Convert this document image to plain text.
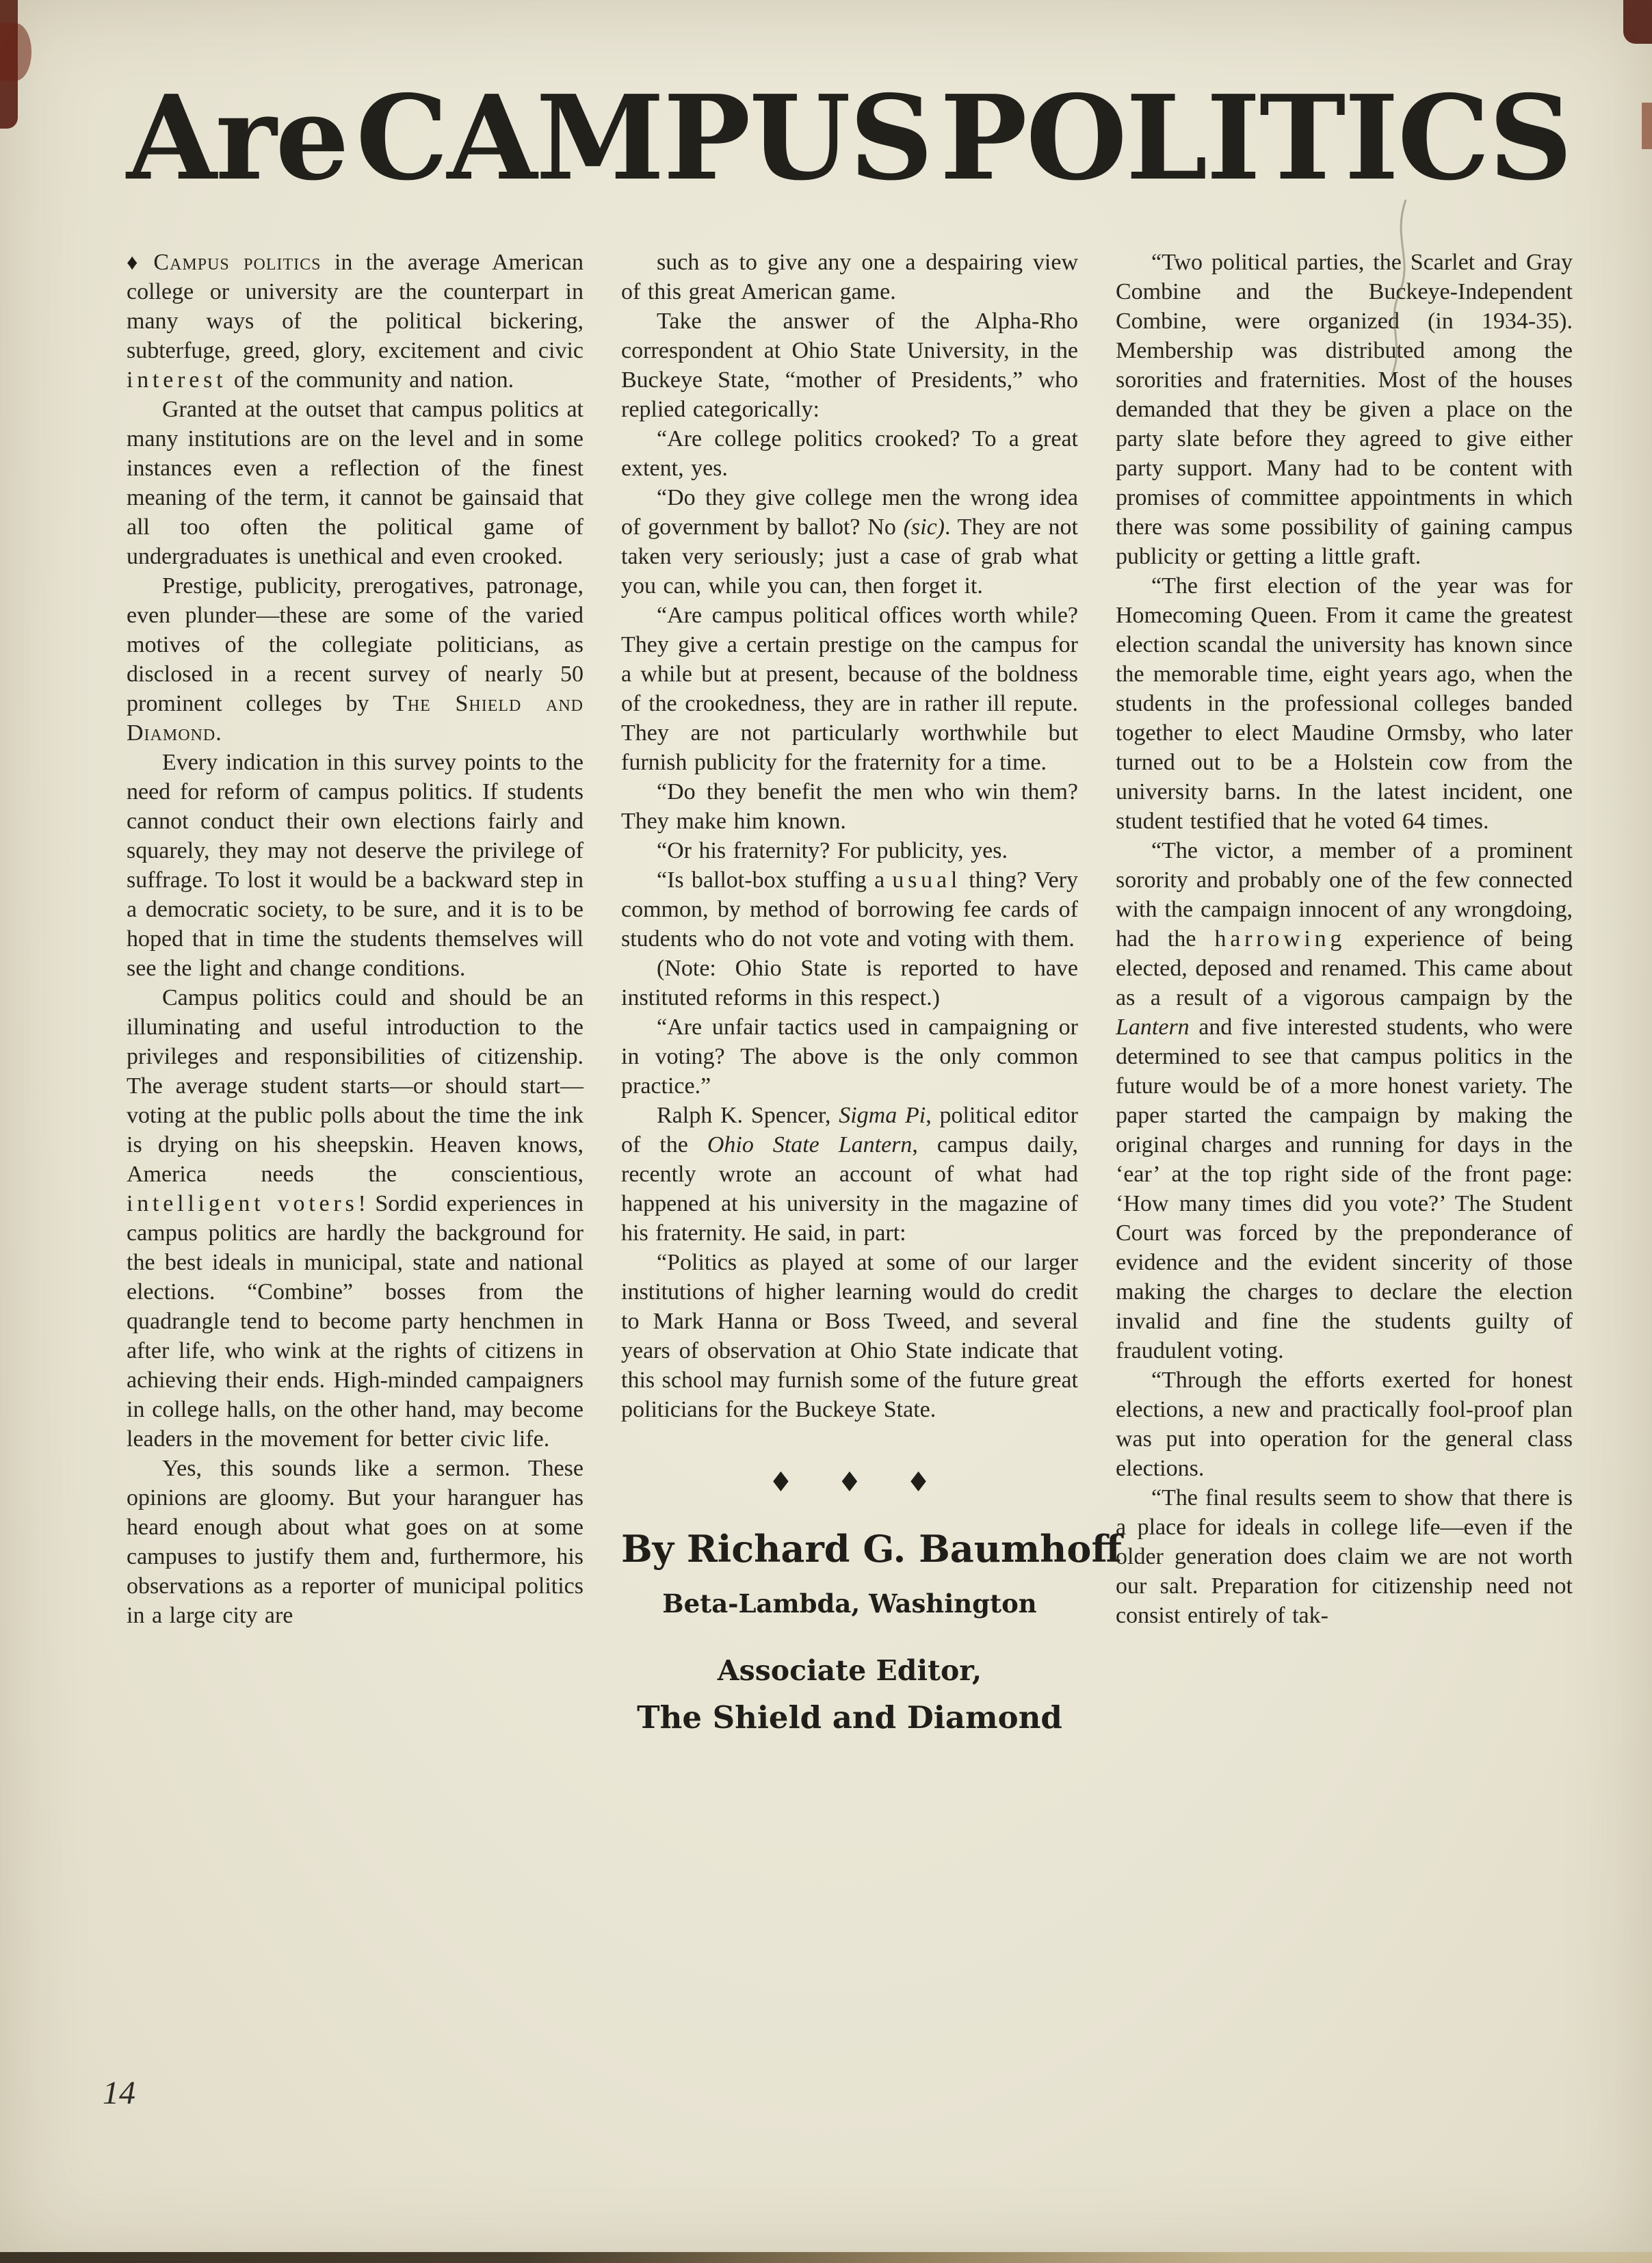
Are CAMPUS POLITICS

♦ Campus politics in the average American college or university are the counterpart in many ways of the political bickering, subterfuge, greed, glory, excitement and civic interest of the community and nation.

Granted at the outset that campus politics at many institutions are on the level and in some instances even a reflection of the finest meaning of the term, it cannot be gainsaid that all too often the political game of undergraduates is unethical and even crooked.

Prestige, publicity, prerogatives, patronage, even plunder—these are some of the varied motives of the collegiate politicians, as disclosed in a recent survey of nearly 50 prominent colleges by The Shield and Diamond.

Every indication in this survey points to the need for reform of campus politics. If students cannot conduct their own elections fairly and squarely, they may not deserve the privilege of suffrage. To lost it would be a backward step in a democratic society, to be sure, and it is to be hoped that in time the students themselves will see the light and change conditions.

Campus politics could and should be an illuminating and useful introduction to the privileges and responsibilities of citizenship. The average student starts—or should start—voting at the public polls about the time the ink is drying on his sheepskin. Heaven knows, America needs the conscientious, intelligent voters! Sordid experiences in campus politics are hardly the background for the best ideals in municipal, state and national elections. “Combine” bosses from the quadrangle tend to become party henchmen in after life, who wink at the rights of citizens in achieving their ends. High-minded campaigners in college halls, on the other hand, may become leaders in the movement for better civic life.

Yes, this sounds like a sermon. These opinions are gloomy. But your haranguer has heard enough about what goes on at some campuses to justify them and, furthermore, his observations as a reporter of municipal politics in a large city are

such as to give any one a despairing view of this great American game.

Take the answer of the Alpha-Rho correspondent at Ohio State University, in the Buckeye State, “mother of Presidents,” who replied categorically:

“Are college politics crooked? To a great extent, yes.

“Do they give college men the wrong idea of government by ballot? No (sic). They are not taken very seriously; just a case of grab what you can, while you can, then forget it.

“Are campus political offices worth while? They give a certain prestige on the campus for a while but at present, because of the boldness of the crookedness, they are in rather ill repute. They are not particularly worthwhile but furnish publicity for the fraternity for a time.

“Do they benefit the men who win them? They make him known.

“Or his fraternity? For publicity, yes.

“Is ballot-box stuffing a usual thing? Very common, by method of borrowing fee cards of students who do not vote and voting with them.

(Note: Ohio State is reported to have instituted reforms in this respect.)

“Are unfair tactics used in campaigning or in voting? The above is the only common practice.”

Ralph K. Spencer, Sigma Pi, political editor of the Ohio State Lantern, campus daily, recently wrote an account of what had happened at his university in the magazine of his fraternity. He said, in part:

“Politics as played at some of our larger institutions of higher learning would do credit to Mark Hanna or Boss Tweed, and several years of observation at Ohio State indicate that this school may furnish some of the future great politicians for the Buckeye State.

♦ ♦ ♦
By Richard G. Baumhoff
Beta-Lambda, Washington
Associate Editor,
The Shield and Diamond

“Two political parties, the Scarlet and Gray Combine and the Buckeye-Independent Combine, were organized (in 1934-35). Membership was distributed among the sororities and fraternities. Most of the houses demanded that they be given a place on the party slate before they agreed to give either party support. Many had to be content with promises of committee appointments in which there was some possibility of gaining campus publicity or getting a little graft.

“The first election of the year was for Homecoming Queen. From it came the greatest election scandal the university has known since the memorable time, eight years ago, when the students in the professional colleges banded together to elect Maudine Ormsby, who later turned out to be a Holstein cow from the university barns. In the latest incident, one student testified that he voted 64 times.

“The victor, a member of a prominent sorority and probably one of the few connected with the campaign innocent of any wrongdoing, had the harrowing experience of being elected, deposed and renamed. This came about as a result of a vigorous campaign by the Lantern and five interested students, who were determined to see that campus politics in the future would be of a more honest variety. The paper started the campaign by making the original charges and running for days in the ‘ear’ at the top right side of the front page: ‘How many times did you vote?’ The Student Court was forced by the preponderance of evidence and the evident sincerity of those making the charges to declare the election invalid and fine the students guilty of fraudulent voting.

“Through the efforts exerted for honest elections, a new and practically fool-proof plan was put into operation for the general class elections.

“The final results seem to show that there is a place for ideals in college life—even if the older generation does claim we are not worth our salt. Preparation for citizenship need not consist entirely of tak-

14
